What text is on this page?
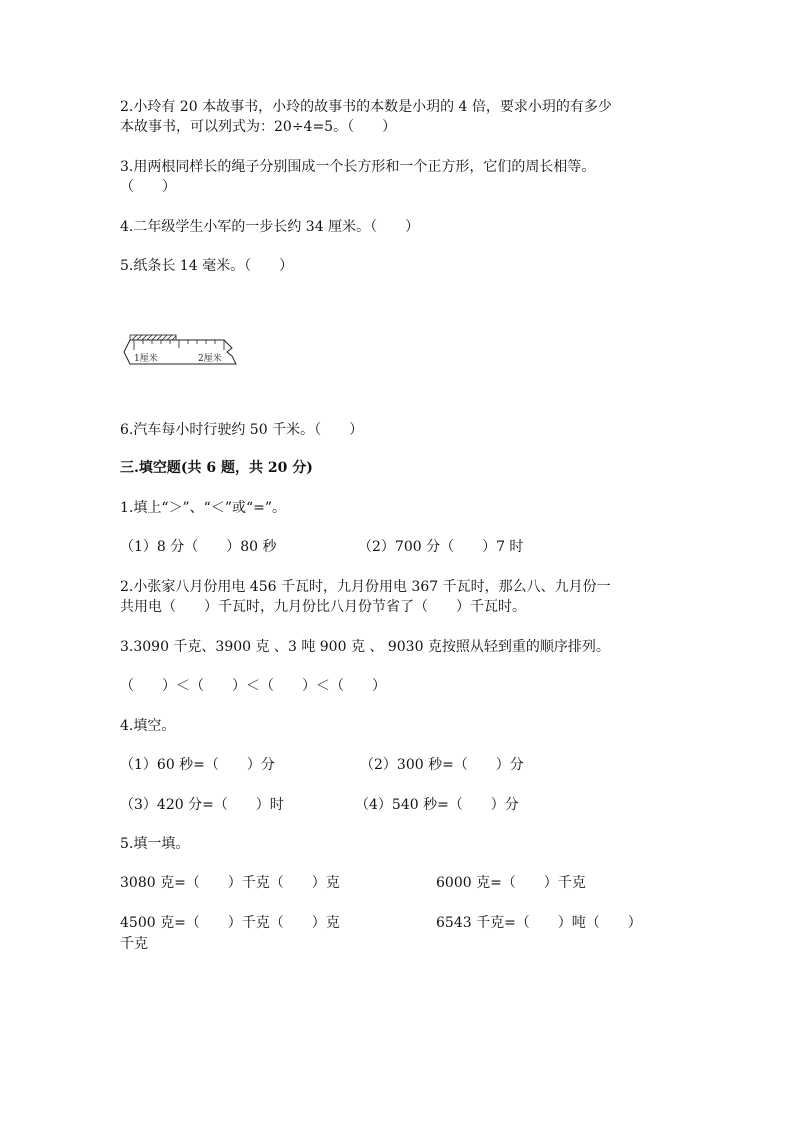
2.小玲有 20 本故事书，小玲的故事书的本数是小玥的 4 倍，要求小玥的有多少
本故事书，可以列式为：20÷4=5。（　　）
3.用两根同样长的绳子分别围成一个长方形和一个正方形，它们的周长相等。
（　　）
4.二年级学生小军的一步长约 34 厘米。（　　）
5.纸条长 14 毫米。（　　）
1厘米	2厘米
6.汽车每小时行驶约 50 千米。（　　）
三.填空题(共 6 题，共 20 分)
1.填上“＞”、“＜”或“=”。
（1）8 分（　　）80 秒	（2）700 分（　　）7 时
2.小张家八月份用电 456 千瓦时，九月份用电 367 千瓦时，那么八、九月份一
共用电（　　）千瓦时，九月份比八月份节省了（　　）千瓦时。
3.3090 千克、3900 克 、3 吨 900 克 、 9030 克按照从轻到重的顺序排列。
（　　）＜（　　）＜（　　）＜（　　）
4.填空。
（1）60 秒=（　　）分	（2）300 秒=（　　）分
（3）420 分=（　　）时	（4）540 秒=（　　）分
5.填一填。
3080 克=（　　）千克（　　）克	6000 克=（　　）千克
4500 克=（　　）千克（　　）克	6543 千克=（　　）吨（　　）
千克
